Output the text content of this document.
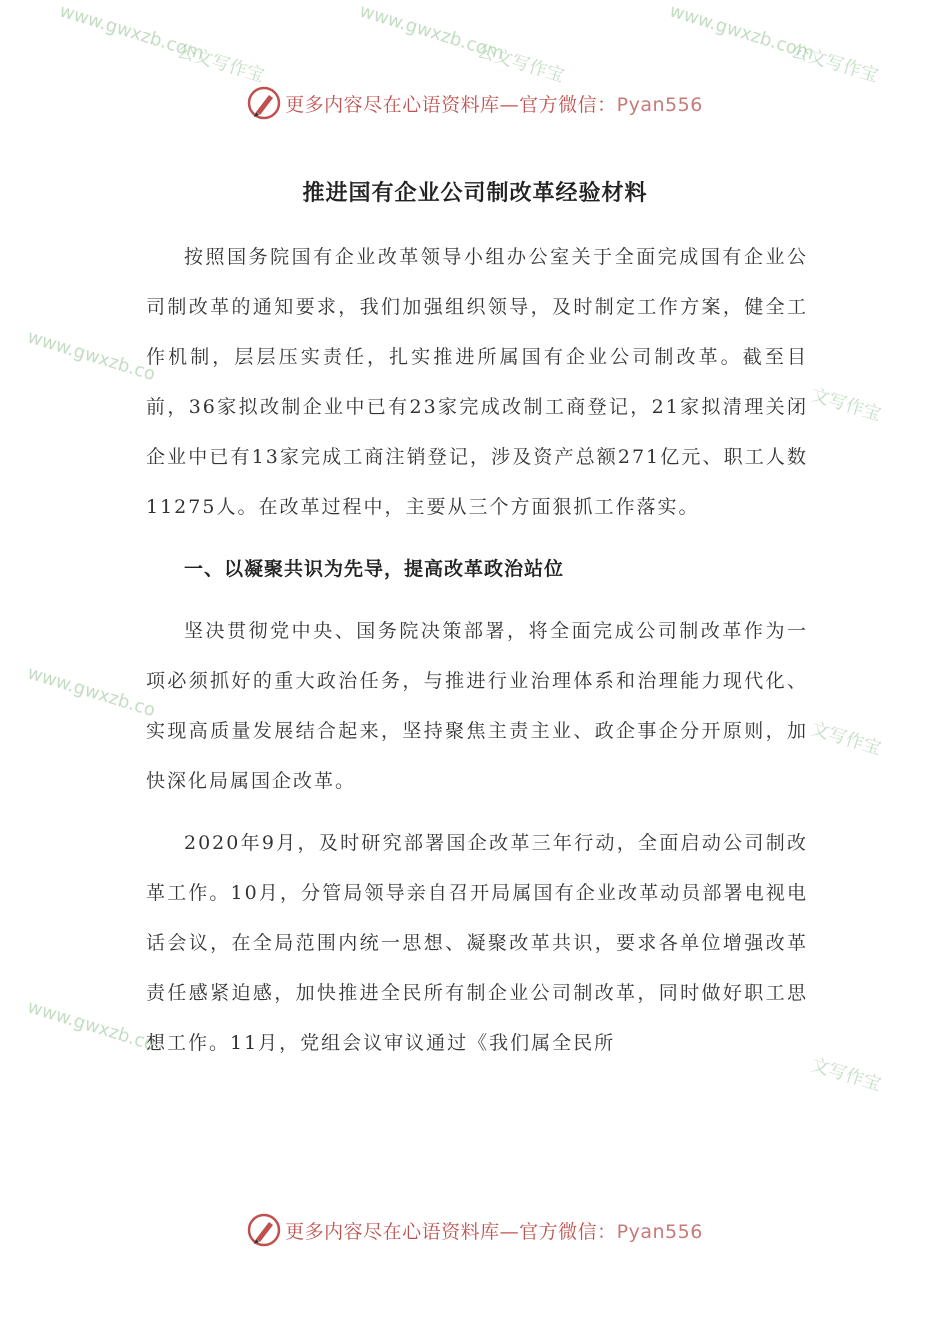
www.gwxzb.com
公文写作宝	www.gwxzb.com
公文写作宝	www.gwxzb.com
公文写作宝
www.gwxzb.co
文写作宝
www.gwxzb.co
文写作宝
www.gwxzb.co
文写作宝
更多内容尽在心语资料库—官方微信：Pyan556
推进国有企业公司制改革经验材料

按照国务院国有企业改革领导小组办公室关于全面完成国有企业公司制改革的通知要求，我们加强组织领导，及时制定工作方案，健全工作机制，层层压实责任，扎实推进所属国有企业公司制改革。截至目前，36家拟改制企业中已有23家完成改制工商登记，21家拟清理关闭企业中已有13家完成工商注销登记，涉及资产总额271亿元、职工人数11275人。在改革过程中，主要从三个方面狠抓工作落实。

一、以凝聚共识为先导，提高改革政治站位

坚决贯彻党中央、国务院决策部署，将全面完成公司制改革作为一项必须抓好的重大政治任务，与推进行业治理体系和治理能力现代化、实现高质量发展结合起来，坚持聚焦主责主业、政企事企分开原则，加快深化局属国企改革。

2020年9月，及时研究部署国企改革三年行动，全面启动公司制改革工作。10月，分管局领导亲自召开局属国有企业改革动员部署电视电话会议，在全局范围内统一思想、凝聚改革共识，要求各单位增强改革责任感紧迫感，加快推进全民所有制企业公司制改革，同时做好职工思想工作。11月，党组会议审议通过《我们属全民所

更多内容尽在心语资料库—官方微信：Pyan556
